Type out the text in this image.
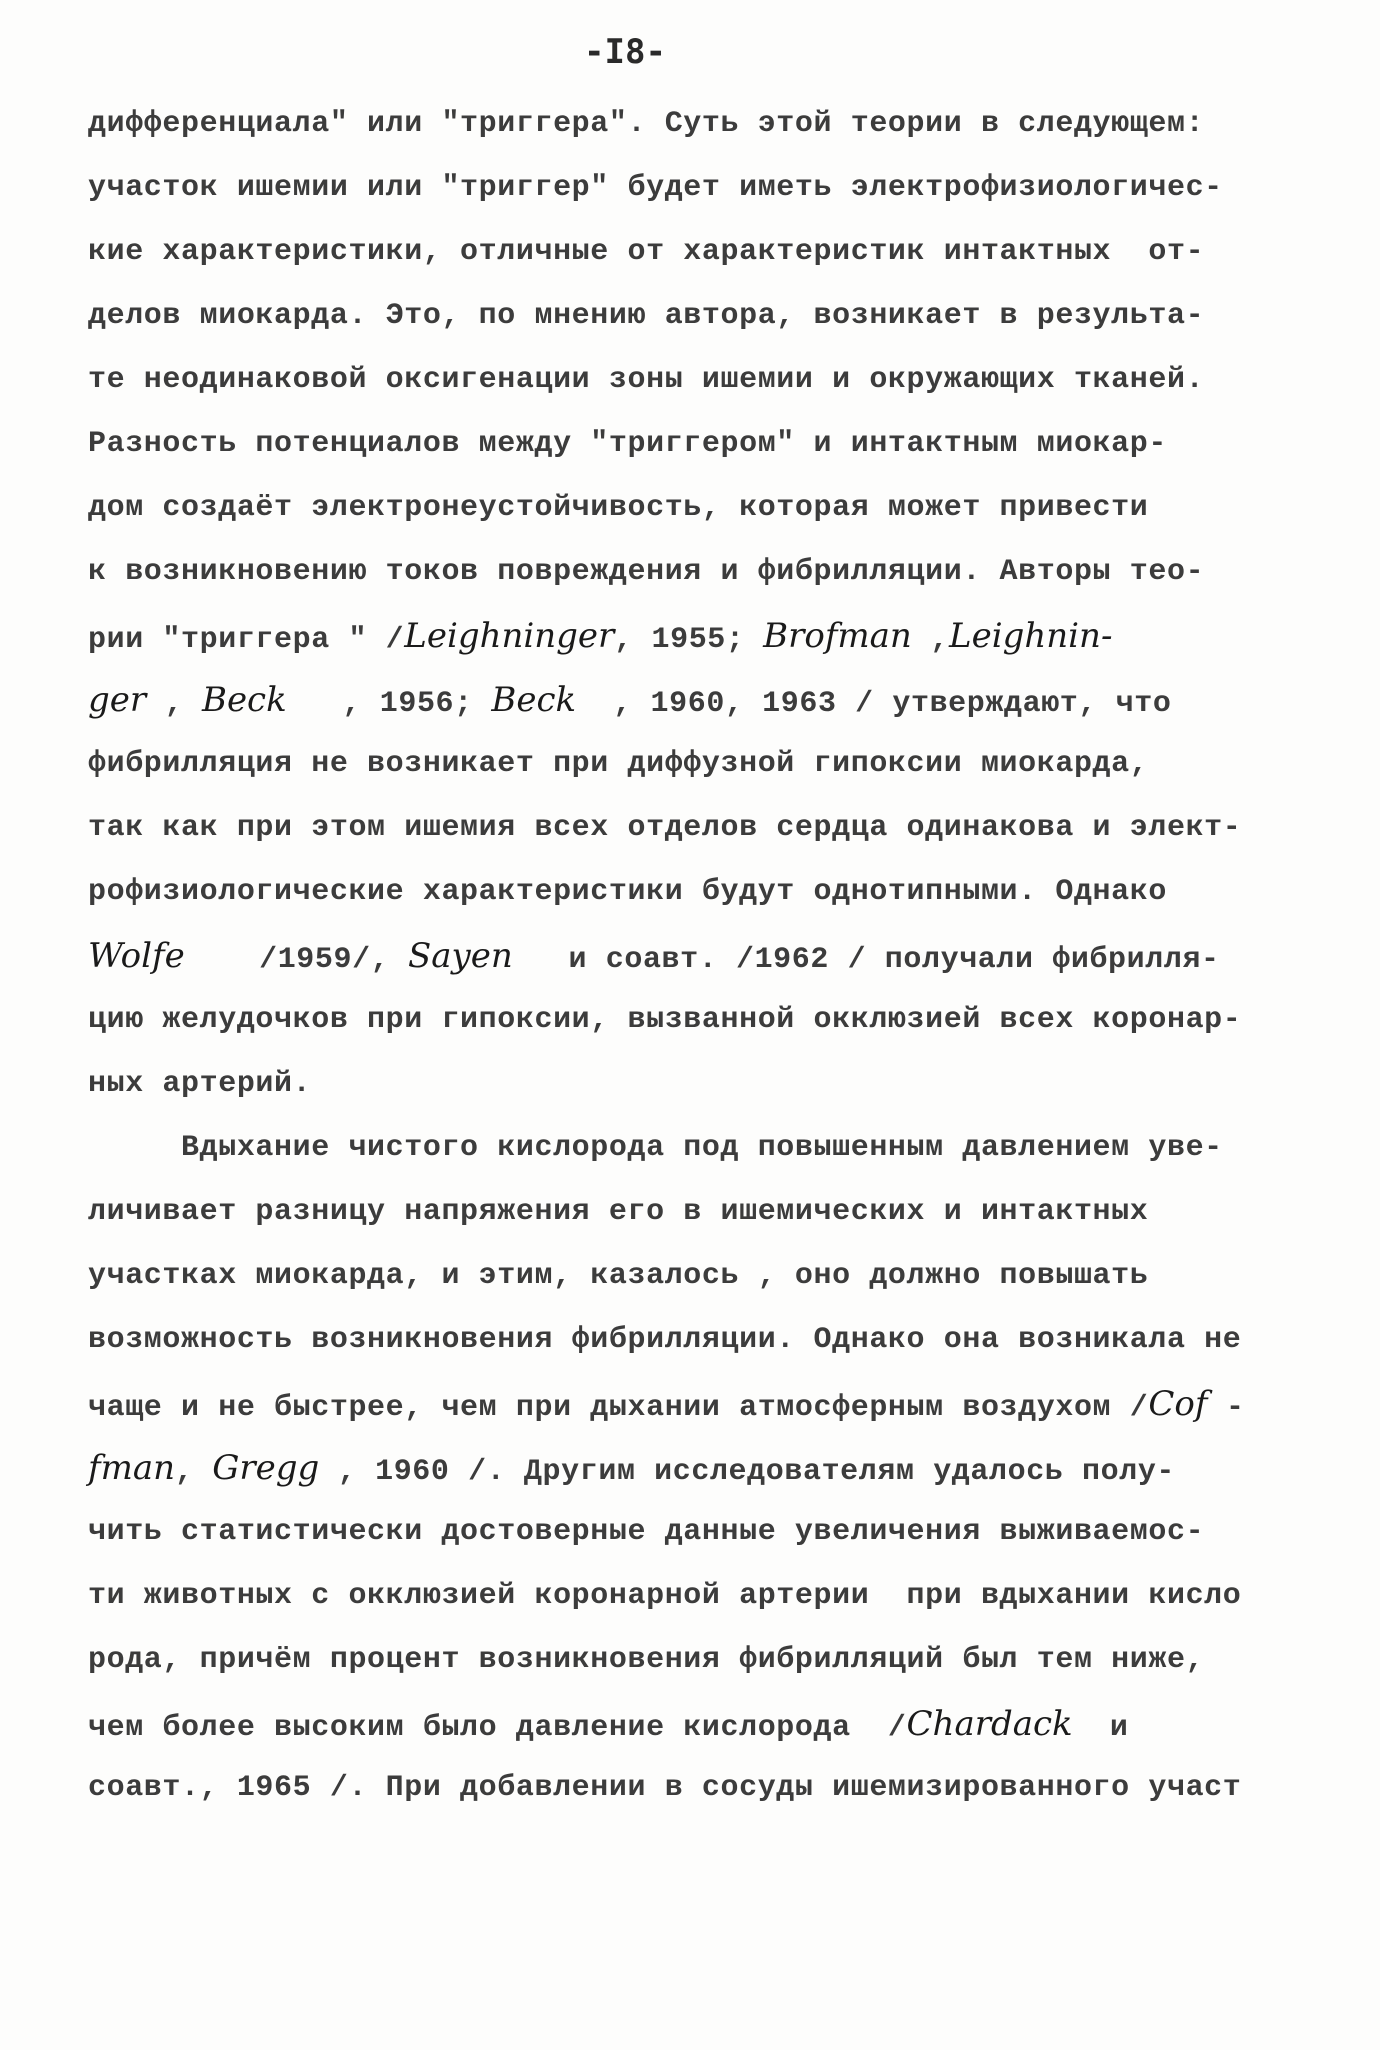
-I8-
дифференциала" или "триггера". Суть этой теории в следующем:
участок ишемии или "триггер" будет иметь электрофизиологичес-
кие характеристики, отличные от характеристик интактных  от-
делов миокарда. Это, по мнению автора, возникает в результа-
те неодинаковой оксигенации зоны ишемии и окружающих тканей.
Разность потенциалов между "триггером" и интактным миокар-
дом создаёт электронеустойчивость, которая может привести
к возникновению токов повреждения и фибрилляции. Авторы тео-
рии "триггера " /Leighninger, 1955; Brofman ,Leighnin-
ger , Beck   , 1956; Beck  , 1960, 1963 / утверждают, что
фибрилляция не возникает при диффузной гипоксии миокарда,
так как при этом ишемия всех отделов сердца одинакова и элект-
рофизиологические характеристики будут однотипными. Однако
Wolfe    /1959/, Sayen   и соавт. /1962 / получали фибрилля-
цию желудочков при гипоксии, вызванной окклюзией всех коронар-
ных артерий.
Вдыхание чистого кислорода под повышенным давлением уве-
личивает разницу напряжения его в ишемических и интактных
участках миокарда, и этим, казалось , оно должно повышать
возможность возникновения фибрилляции. Однако она возникала не
чаще и не быстрее, чем при дыхании атмосферным воздухом /Cof -
fman, Gregg , 1960 /. Другим исследователям удалось полу-
чить статистически достоверные данные увеличения выживаемос-
ти животных с окклюзией коронарной артерии  при вдыхании кисло
рода, причём процент возникновения фибрилляций был тем ниже,
чем более высоким было давление кислорода  /Chardack  и
соавт., 1965 /. При добавлении в сосуды ишемизированного участ
